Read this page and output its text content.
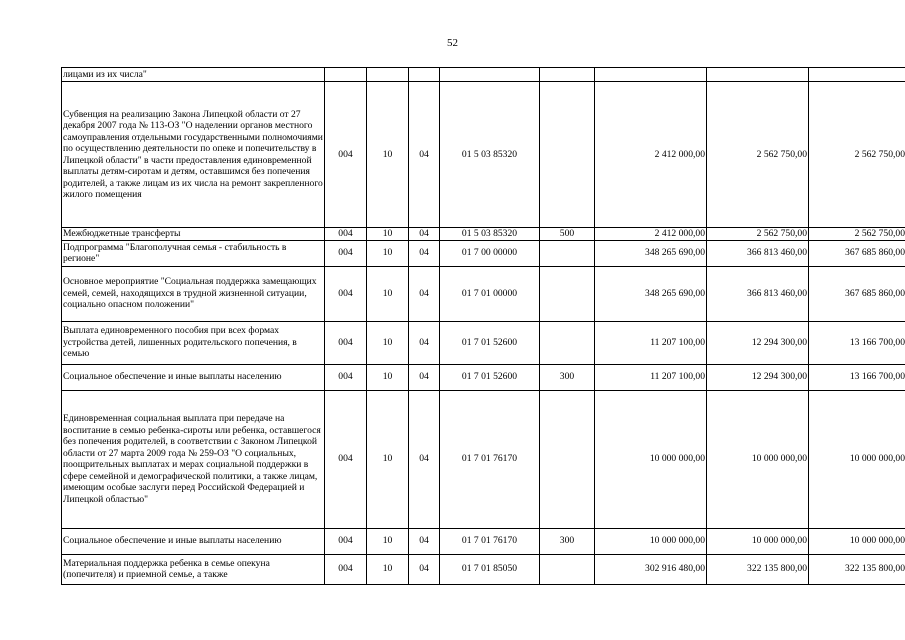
52
лицами из их числа"								
Субвенция на реализацию Закона Липецкой области от 27 декабря 2007 года № 113-ОЗ "О наделении органов местного самоуправления отдельными государственными полномочиями по осуществлению деятельности по опеке и попечительству в Липецкой области" в части предоставления единовременной выплаты детям-сиротам и детям, оставшимся без попечения родителей, а также лицам из их числа на ремонт закрепленного жилого помещения	004	10	04	01 5 03 85320		2 412 000,00	2 562 750,00	2 562 750,00
Межбюджетные трансферты	004	10	04	01 5 03 85320	500	2 412 000,00	2 562 750,00	2 562 750,00
Подпрограмма "Благополучная семья - стабильность в регионе"	004	10	04	01 7 00 00000		348 265 690,00	366 813 460,00	367 685 860,00
Основное мероприятие "Социальная поддержка замещающих семей, семей, находящихся в трудной жизненной ситуации, социально опасном положении"	004	10	04	01 7 01 00000		348 265 690,00	366 813 460,00	367 685 860,00
Выплата единовременного пособия при всех формах устройства детей, лишенных родительского попечения, в семью	004	10	04	01 7 01 52600		11 207 100,00	12 294 300,00	13 166 700,00
Социальное обеспечение и иные выплаты населению	004	10	04	01 7 01 52600	300	11 207 100,00	12 294 300,00	13 166 700,00
Единовременная социальная выплата при передаче на воспитание в семью ребенка-сироты или ребенка, оставшегося без попечения родителей, в соответствии с Законом Липецкой области от 27 марта 2009 года № 259-ОЗ "О социальных, поощрительных выплатах и мерах социальной поддержки в сфере семейной и демографической политики, а также лицам, имеющим особые заслуги перед Российской Федерацией и Липецкой областью"	004	10	04	01 7 01 76170		10 000 000,00	10 000 000,00	10 000 000,00
Социальное обеспечение и иные выплаты населению	004	10	04	01 7 01 76170	300	10 000 000,00	10 000 000,00	10 000 000,00
Материальная поддержка ребенка в семье опекуна (попечителя) и приемной семье, а также	004	10	04	01 7 01 85050		302 916 480,00	322 135 800,00	322 135 800,00
